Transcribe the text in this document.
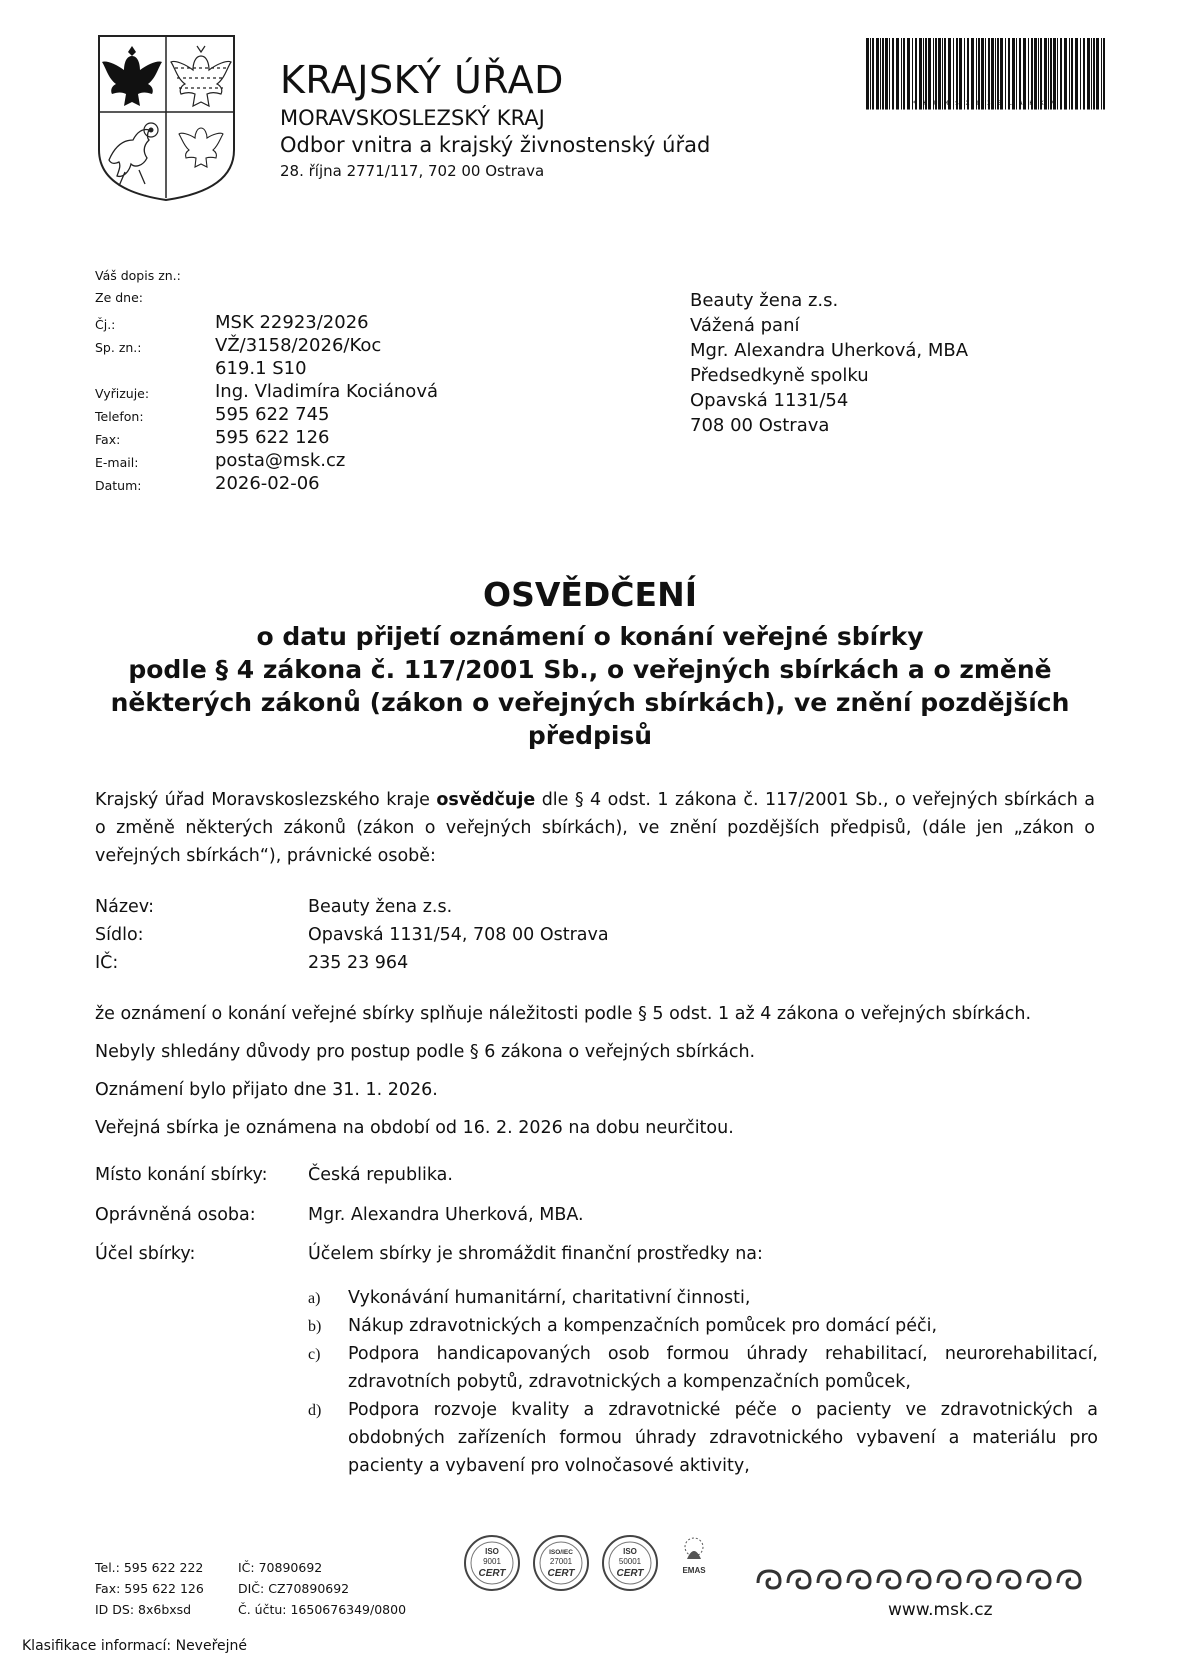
KRAJSKÝ ÚŘAD
MORAVSKOSLEZSKÝ KRAJ
Odbor vnitra a krajský živnostenský úřad
28. října 2771/117, 702 00 Ostrava
*KUMSX03BLAKK*
Váš dopis zn.:
Ze dne:
Čj.:	MSK 22923/2026
Sp. zn.:	VŽ/3158/2026/Koc
619.1 S10
Vyřizuje:	Ing. Vladimíra Kociánová
Telefon:	595 622 745
Fax:	595 622 126
E-mail:	posta@msk.cz
Datum:	2026-02-06
Beauty žena z.s.
Vážená paní
Mgr. Alexandra Uherková, MBA
Předsedkyně spolku
Opavská 1131/54
708 00 Ostrava
OSVĚDČENÍ
o datu přijetí oznámení o konání veřejné sbírky
podle § 4 zákona č. 117/2001 Sb., o veřejných sbírkách a o změně
některých zákonů (zákon o veřejných sbírkách), ve znění pozdějších
předpisů
Krajský úřad Moravskoslezského kraje osvědčuje dle § 4 odst. 1 zákona č. 117/2001 Sb., o veřejných sbírkách a o změně některých zákonů (zákon o veřejných sbírkách), ve znění pozdějších předpisů, (dále jen „zákon o veřejných sbírkách“), právnické osobě:
Název:	Beauty žena z.s.
Sídlo:	Opavská 1131/54, 708 00 Ostrava
IČ:	235 23 964
že oznámení o konání veřejné sbírky splňuje náležitosti podle § 5 odst. 1 až 4 zákona o veřejných sbírkách.
Nebyly shledány důvody pro postup podle § 6 zákona o veřejných sbírkách.
Oznámení bylo přijato dne 31. 1. 2026.
Veřejná sbírka je oznámena na období od 16. 2. 2026 na dobu neurčitou.
Místo konání sbírky: Česká republika.
Oprávněná osoba:	Mgr. Alexandra Uherková, MBA.
Účel sbírky:	Účelem sbírky je shromáždit finanční prostředky na:
a) Vykonávání humanitární, charitativní činnosti,
b) Nákup zdravotnických a kompenzačních pomůcek pro domácí péči,
c) Podpora handicapovaných osob formou úhrady rehabilitací, neurorehabilitací, zdravotních pobytů, zdravotnických a kompenzačních pomůcek,
d) Podpora rozvoje kvality a zdravotnické péče o pacienty ve zdravotnických a obdobných zařízeních formou úhrady zdravotnického vybavení a materiálu pro pacienty a vybavení pro volnočasové aktivity,
Tel.: 595 622 222
Fax: 595 622 126
ID DS: 8x6bxsd
IČ: 70890692
DIČ: CZ70890692
Č. účtu: 1650676349/0800
ISO
9001
CERT
ISO/IEC
27001
CERT
ISO
50001
CERT	EMAS
www.msk.cz
Klasifikace informací: Neveřejné
